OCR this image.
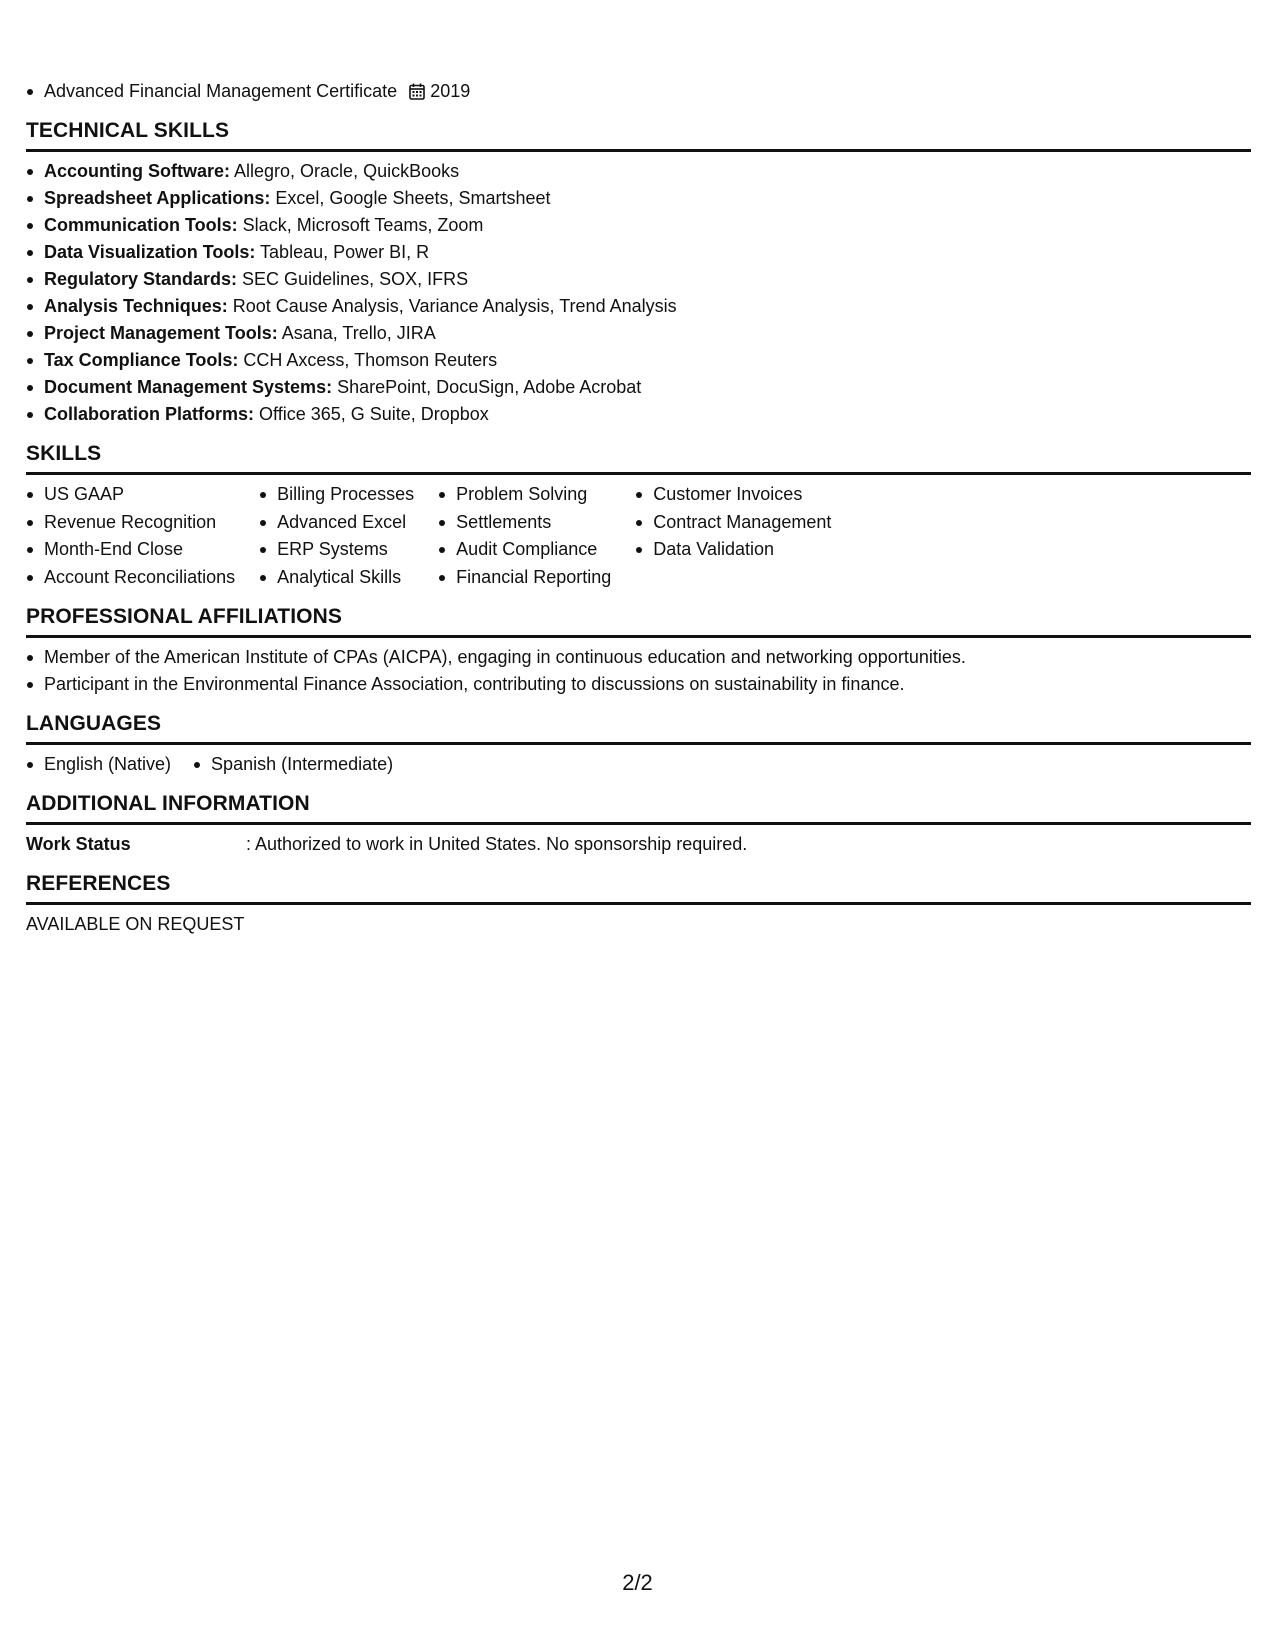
Advanced Financial Management Certificate 2019
TECHNICAL SKILLS
Accounting Software: Allegro, Oracle, QuickBooks
Spreadsheet Applications: Excel, Google Sheets, Smartsheet
Communication Tools: Slack, Microsoft Teams, Zoom
Data Visualization Tools: Tableau, Power BI, R
Regulatory Standards: SEC Guidelines, SOX, IFRS
Analysis Techniques: Root Cause Analysis, Variance Analysis, Trend Analysis
Project Management Tools: Asana, Trello, JIRA
Tax Compliance Tools: CCH Axcess, Thomson Reuters
Document Management Systems: SharePoint, DocuSign, Adobe Acrobat
Collaboration Platforms: Office 365, G Suite, Dropbox
SKILLS
US GAAP
Revenue Recognition
Month-End Close
Account Reconciliations
Billing Processes
Advanced Excel
ERP Systems
Analytical Skills
Problem Solving
Settlements
Audit Compliance
Financial Reporting
Customer Invoices
Contract Management
Data Validation
PROFESSIONAL AFFILIATIONS
Member of the American Institute of CPAs (AICPA), engaging in continuous education and networking opportunities.
Participant in the Environmental Finance Association, contributing to discussions on sustainability in finance.
LANGUAGES
English (Native)	Spanish (Intermediate)
ADDITIONAL INFORMATION
Work Status	: Authorized to work in United States. No sponsorship required.
REFERENCES
AVAILABLE ON REQUEST
2/2
